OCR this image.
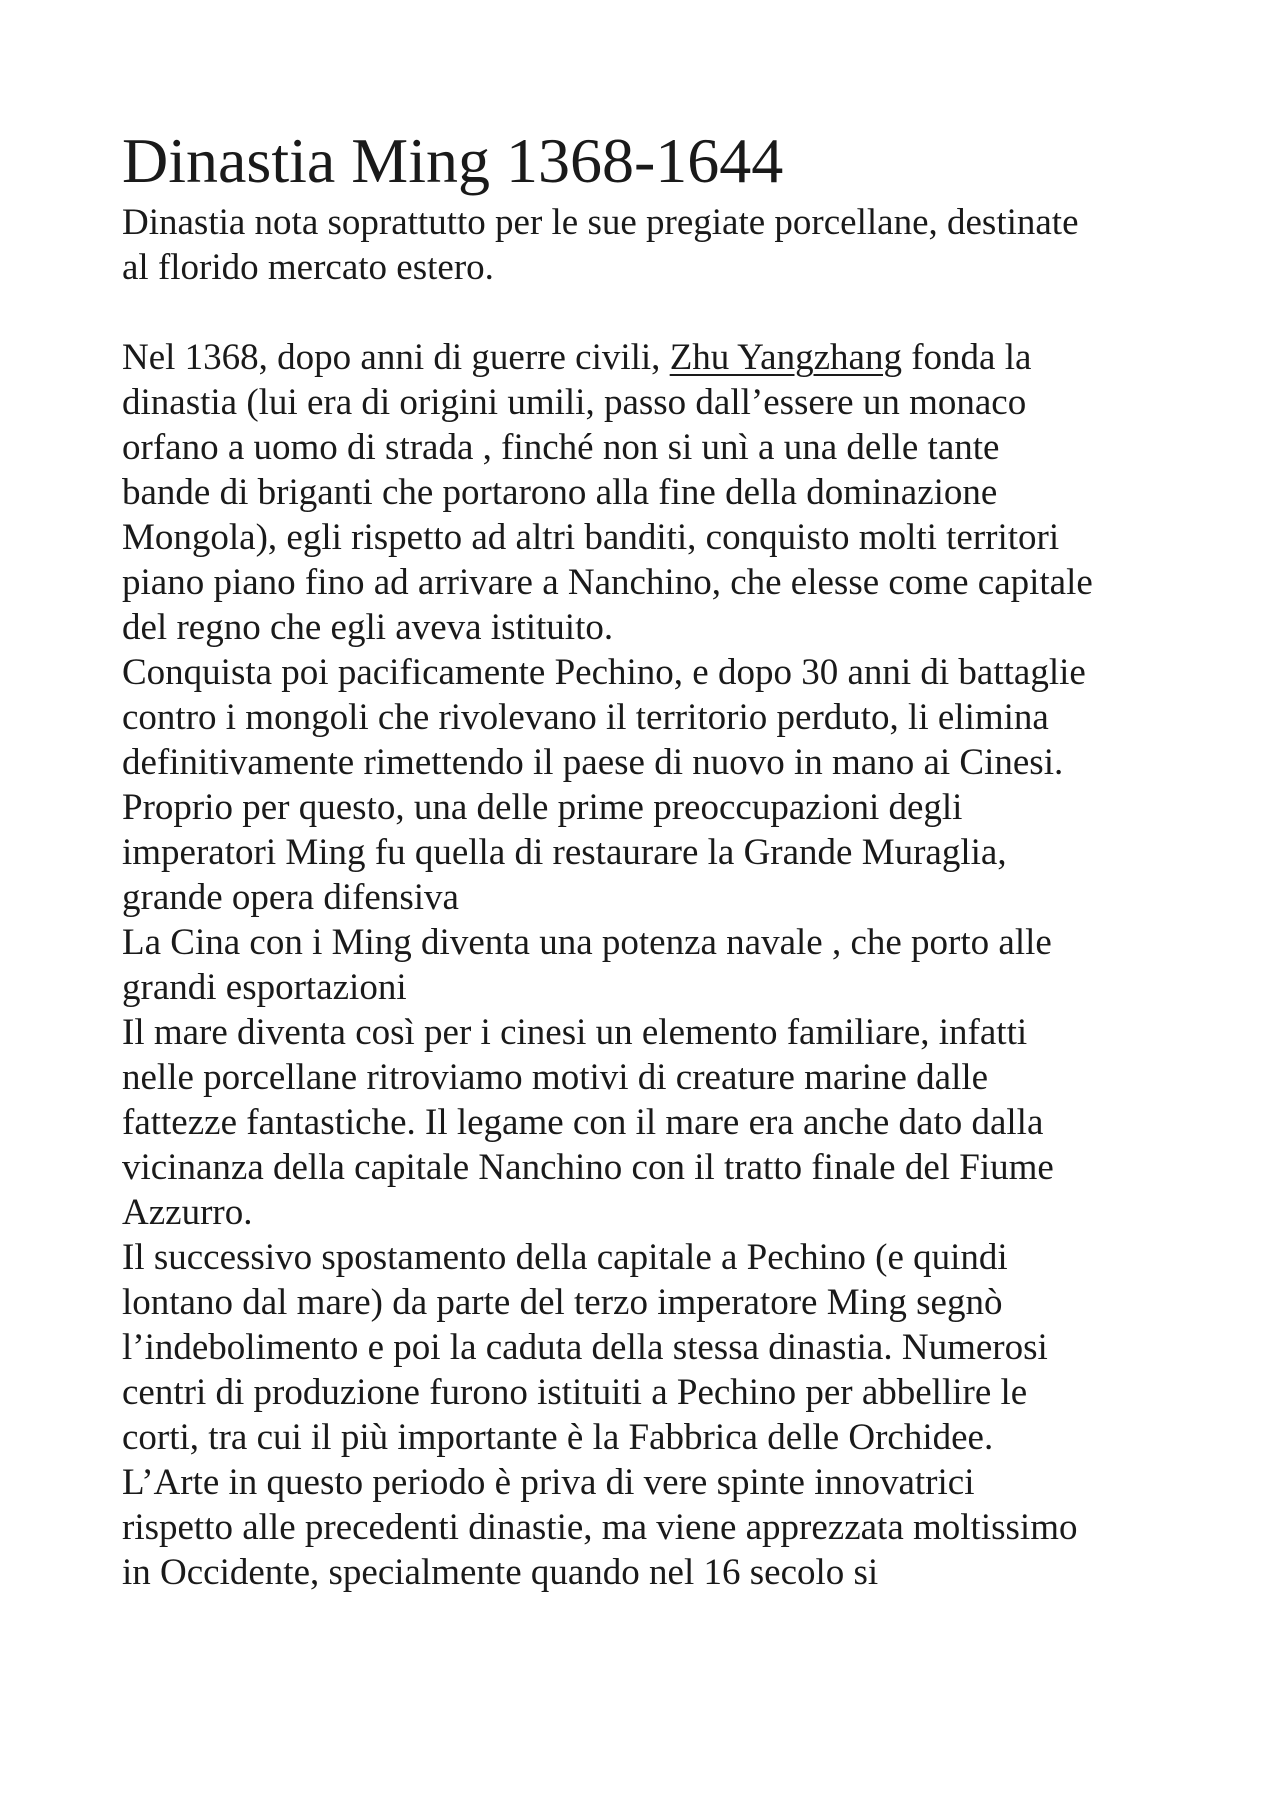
Dinastia Ming 1368-1644

Dinastia nota soprattutto per le sue pregiate porcellane, destinate
al florido mercato estero.

Nel 1368, dopo anni di guerre civili, Zhu Yangzhang fonda la
dinastia (lui era di origini umili, passo dall’essere un monaco
orfano a uomo di strada , finché non si unì a una delle tante
bande di briganti che portarono alla fine della dominazione
Mongola), egli rispetto ad altri banditi, conquisto molti territori
piano piano fino ad arrivare a Nanchino, che elesse come capitale
del regno che egli aveva istituito.

Conquista poi pacificamente Pechino, e dopo 30 anni di battaglie
contro i mongoli che rivolevano il territorio perduto, li elimina
definitivamente rimettendo il paese di nuovo in mano ai Cinesi.

Proprio per questo, una delle prime preoccupazioni degli
imperatori Ming fu quella di restaurare la Grande Muraglia,
grande opera difensiva

La Cina con i Ming diventa una potenza navale , che porto alle
grandi esportazioni

Il mare diventa così per i cinesi un elemento familiare, infatti
nelle porcellane ritroviamo motivi di creature marine dalle
fattezze fantastiche. Il legame con il mare era anche dato dalla
vicinanza della capitale Nanchino con il tratto finale del Fiume
Azzurro.

Il successivo spostamento della capitale a Pechino (e quindi
lontano dal mare) da parte del terzo imperatore Ming segnò
l’indebolimento e poi la caduta della stessa dinastia. Numerosi
centri di produzione furono istituiti a Pechino per abbellire le
corti, tra cui il più importante è la Fabbrica delle Orchidee.

L’Arte in questo periodo è priva di vere spinte innovatrici
rispetto alle precedenti dinastie, ma viene apprezzata moltissimo
in Occidente, specialmente quando nel 16 secolo si
